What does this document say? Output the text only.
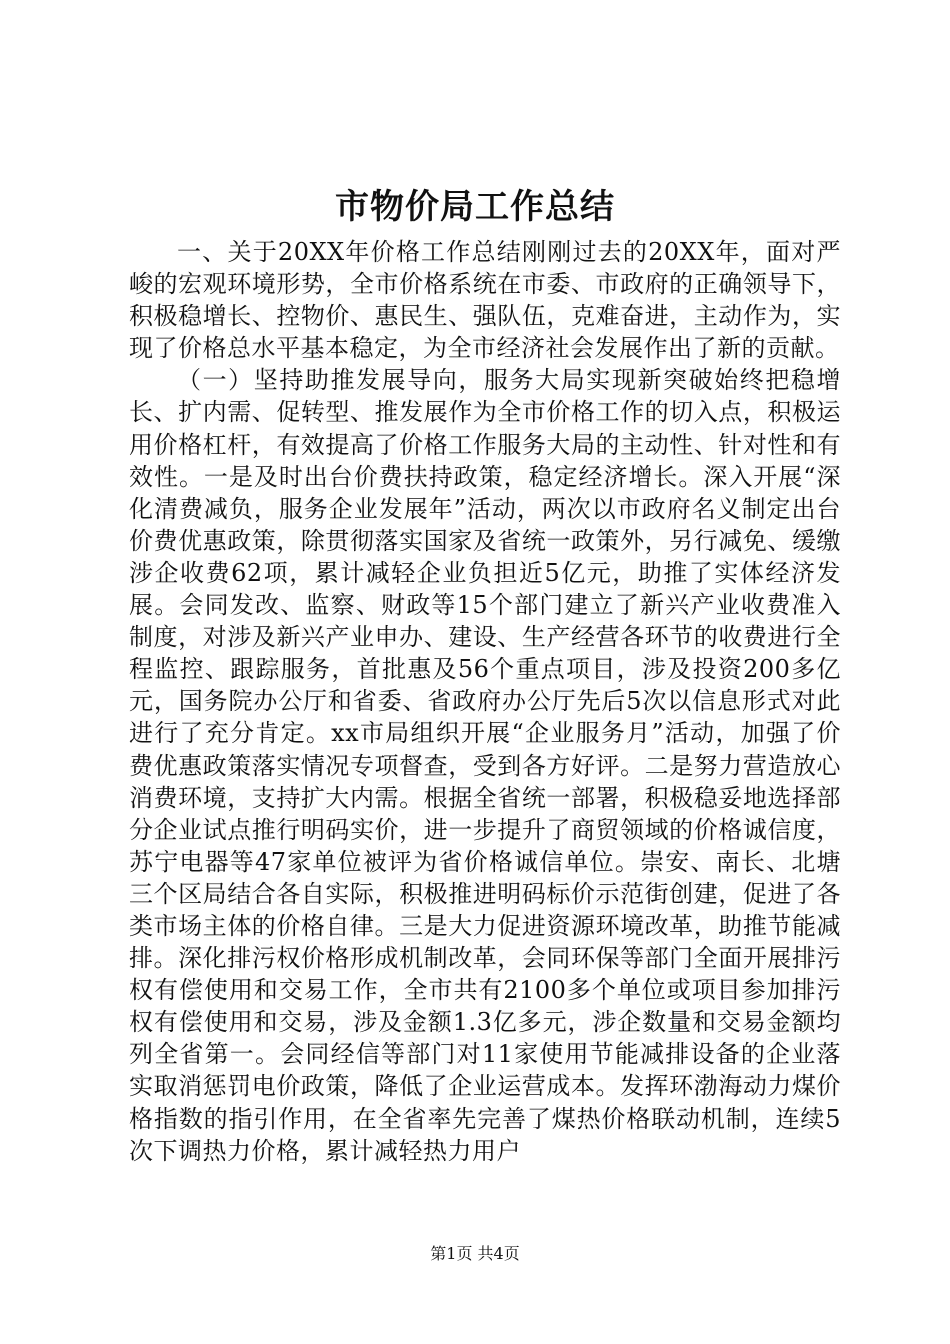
市物价局工作总结

一、关于20XX年价格工作总结刚刚过去的20XX年，面对严峻的宏观环境形势，全市价格系统在市委、市政府的正确领导下，积极稳增长、控物价、惠民生、强队伍，克难奋进，主动作为，实现了价格总水平基本稳定，为全市经济社会发展作出了新的贡献。

（一）坚持助推发展导向，服务大局实现新突破始终把稳增长、扩内需、促转型、推发展作为全市价格工作的切入点，积极运用价格杠杆，有效提高了价格工作服务大局的主动性、针对性和有效性。一是及时出台价费扶持政策，稳定经济增长。深入开展“深化清费减负，服务企业发展年”活动，两次以市政府名义制定出台价费优惠政策，除贯彻落实国家及省统一政策外，另行减免、缓缴涉企收费62项，累计减轻企业负担近5亿元，助推了实体经济发展。会同发改、监察、财政等15个部门建立了新兴产业收费准入制度，对涉及新兴产业申办、建设、生产经营各环节的收费进行全程监控、跟踪服务，首批惠及56个重点项目，涉及投资200多亿元，国务院办公厅和省委、省政府办公厅先后5次以信息形式对此进行了充分肯定。xx市局组织开展“企业服务月”活动，加强了价费优惠政策落实情况专项督查，受到各方好评。二是努力营造放心消费环境，支持扩大内需。根据全省统一部署，积极稳妥地选择部分企业试点推行明码实价，进一步提升了商贸领域的价格诚信度，苏宁电器等47家单位被评为省价格诚信单位。崇安、南长、北塘三个区局结合各自实际，积极推进明码标价示范街创建，促进了各类市场主体的价格自律。三是大力促进资源环境改革，助推节能减排。深化排污权价格形成机制改革，会同环保等部门全面开展排污权有偿使用和交易工作，全市共有2100多个单位或项目参加排污权有偿使用和交易，涉及金额1.3亿多元，涉企数量和交易金额均列全省第一。会同经信等部门对11家使用节能减排设备的企业落实取消惩罚电价政策，降低了企业运营成本。发挥环渤海动力煤价格指数的指引作用，在全省率先完善了煤热价格联动机制，连续5次下调热力价格，累计减轻热力用户

第1页 共4页
